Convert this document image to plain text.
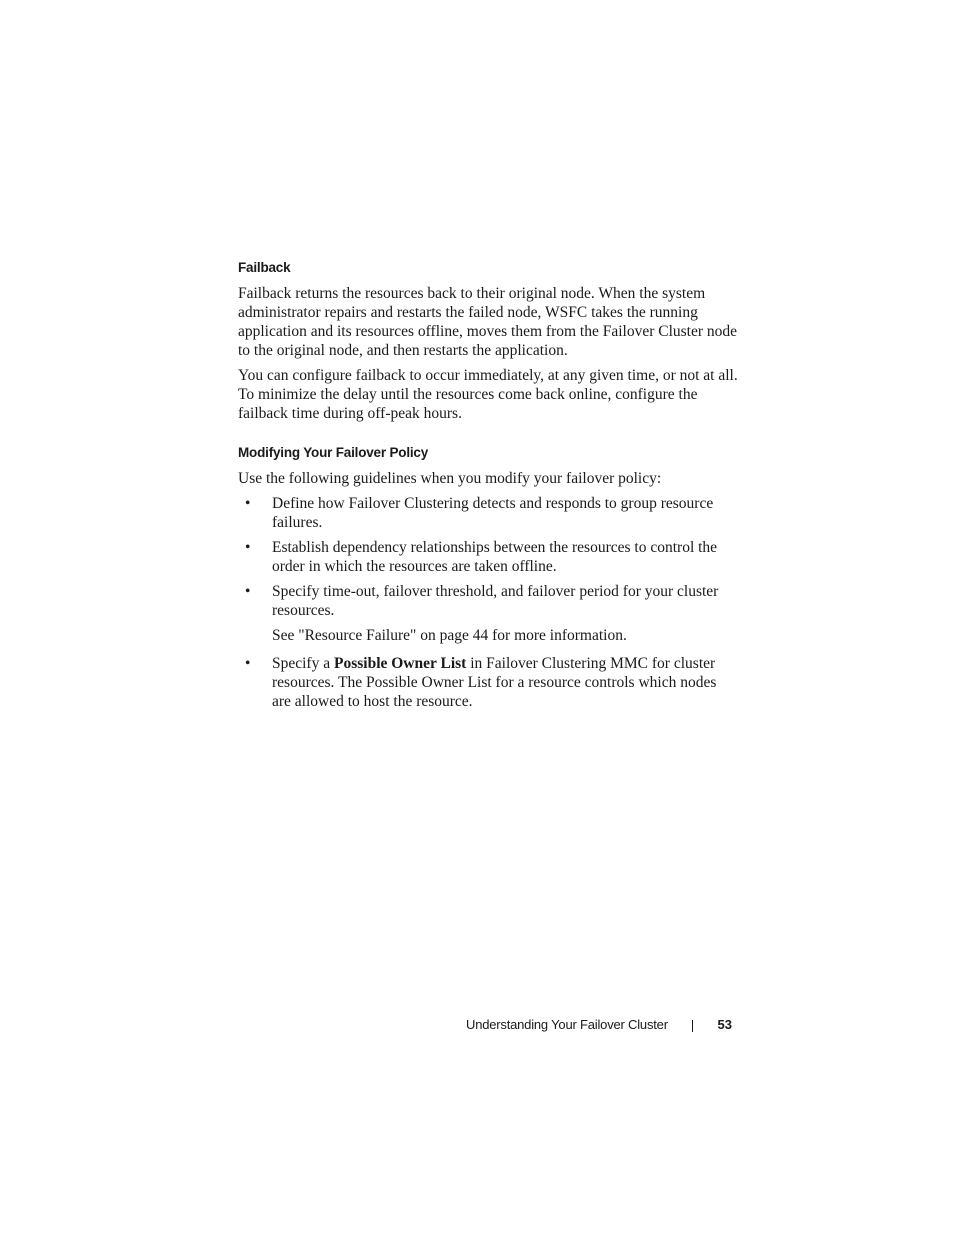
Failback

Failback returns the resources back to their original node. When the system administrator repairs and restarts the failed node, WSFC takes the running application and its resources offline, moves them from the Failover Cluster node to the original node, and then restarts the application.

You can configure failback to occur immediately, at any given time, or not at all. To minimize the delay until the resources come back online, configure the failback time during off-peak hours.

Modifying Your Failover Policy

Use the following guidelines when you modify your failover policy:

• Define how Failover Clustering detects and responds to group resource failures.
• Establish dependency relationships between the resources to control the order in which the resources are taken offline.
• Specify time-out, failover threshold, and failover period for your cluster resources.
See "Resource Failure" on page 44 for more information.
• Specify a Possible Owner List in Failover Clustering MMC for cluster resources. The Possible Owner List for a resource controls which nodes are allowed to host the resource.
Understanding Your Failover Cluster	53
